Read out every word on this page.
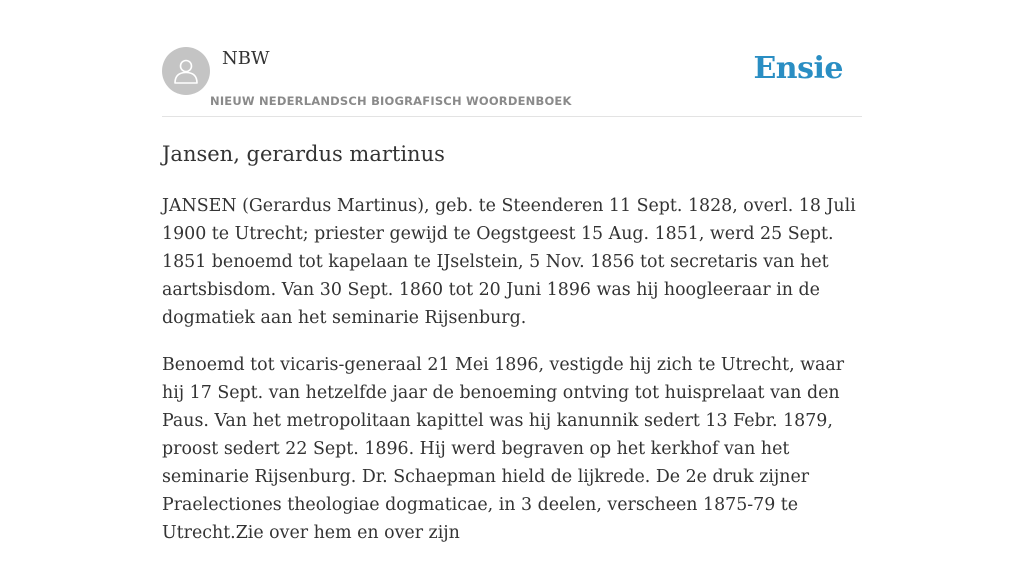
NBW
NIEUW NEDERLANDSCH BIOGRAFISCH WOORDENBOEK
Ensie
Jansen, gerardus martinus

JANSEN (Gerardus Martinus), geb. te Steenderen 11 Sept. 1828, overl. 18 Juli 1900 te Utrecht; priester gewijd te Oegstgeest 15 Aug. 1851, werd 25 Sept. 1851 benoemd tot kapelaan te IJselstein, 5 Nov. 1856 tot secretaris van het aartsbisdom. Van 30 Sept. 1860 tot 20 Juni 1896 was hij hoogleeraar in de dogmatiek aan het seminarie Rijsenburg.

Benoemd tot vicaris-generaal 21 Mei 1896, vestigde hij zich te Utrecht, waar hij 17 Sept. van hetzelfde jaar de benoeming ontving tot huisprelaat van den Paus. Van het metropolitaan kapittel was hij kanunnik sedert 13 Febr. 1879, proost sedert 22 Sept. 1896. Hij werd begraven op het kerkhof van het seminarie Rijsenburg. Dr. Schaepman hield de lijkrede. De 2e druk zijner Praelectiones theologiae dogmaticae, in 3 deelen, verscheen 1875-79 te Utrecht.Zie over hem en over zijn
